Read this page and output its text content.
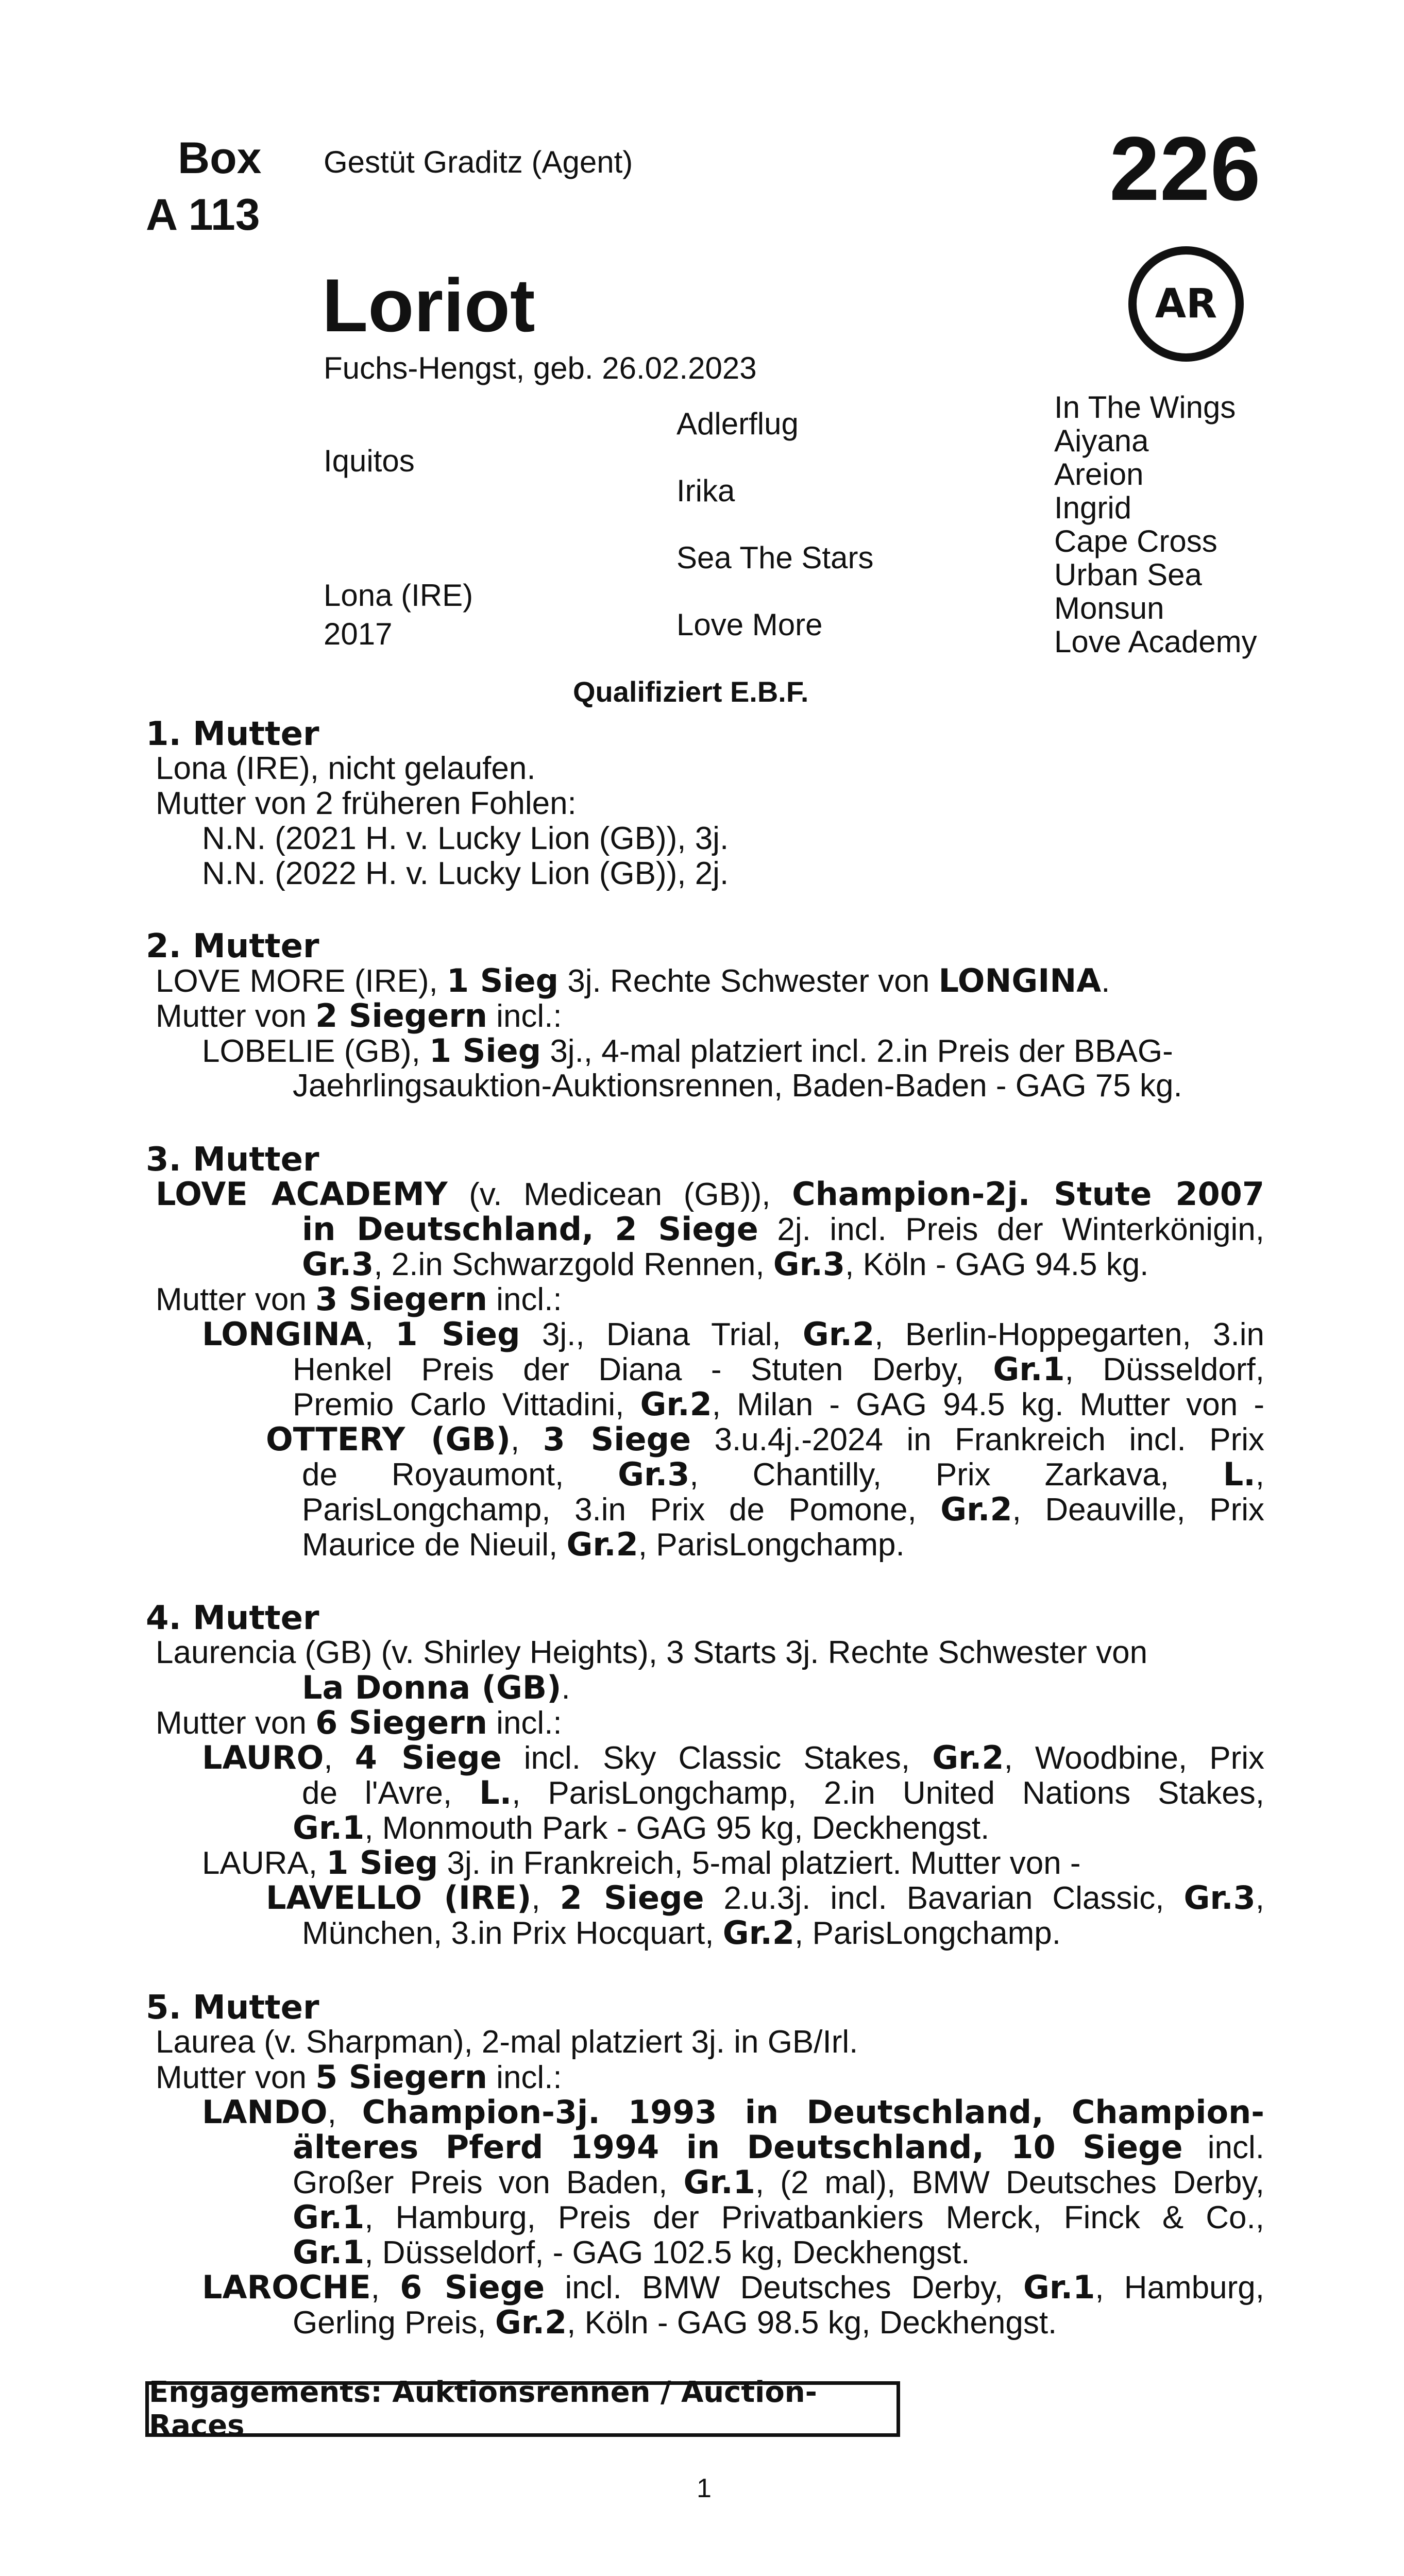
Box
A 113
Gestüt Graditz (Agent)	226
AR
Loriot
Fuchs-Hengst, geb. 26.02.2023
Iquitos
Lona (IRE)
2017
Adlerflug
Irika
Sea The Stars
Love More
In The Wings
Aiyana
Areion
Ingrid
Cape Cross
Urban Sea
Monsun
Love Academy
Qualifiziert E.B.F.
1. Mutter
Lona (IRE), nicht gelaufen.
Mutter von 2 früheren Fohlen:
N.N. (2021 H. v. Lucky Lion (GB)), 3j.
N.N. (2022 H. v. Lucky Lion (GB)), 2j.
2. Mutter
LOVE MORE (IRE), 1 Sieg 3j. Rechte Schwester von LONGINA.
Mutter von 2 Siegern incl.:
LOBELIE (GB), 1 Sieg 3j., 4-mal platziert incl. 2.in Preis der BBAG-
Jaehrlingsauktion-Auktionsrennen, Baden-Baden - GAG 75 kg.
3. Mutter
LOVE ACADEMY (v. Medicean (GB)), Champion-2j. Stute 2007
in Deutschland, 2 Siege 2j. incl. Preis der Winterkönigin,
Gr.3, 2.in Schwarzgold Rennen, Gr.3, Köln - GAG 94.5 kg.
Mutter von 3 Siegern incl.:
LONGINA, 1 Sieg 3j., Diana Trial, Gr.2, Berlin-Hoppegarten, 3.in
Henkel Preis der Diana - Stuten Derby, Gr.1, Düsseldorf,
Premio Carlo Vittadini, Gr.2, Milan - GAG 94.5 kg. Mutter von -
OTTERY (GB), 3 Siege 3.u.4j.-2024 in Frankreich incl. Prix
de Royaumont, Gr.3, Chantilly, Prix Zarkava, L.,
ParisLongchamp, 3.in Prix de Pomone, Gr.2, Deauville, Prix
Maurice de Nieuil, Gr.2, ParisLongchamp.
4. Mutter
Laurencia (GB) (v. Shirley Heights), 3 Starts 3j. Rechte Schwester von
La Donna (GB).
Mutter von 6 Siegern incl.:
LAURO, 4 Siege incl. Sky Classic Stakes, Gr.2, Woodbine, Prix
de l'Avre, L., ParisLongchamp, 2.in United Nations Stakes,
Gr.1, Monmouth Park - GAG 95 kg, Deckhengst.
LAURA, 1 Sieg 3j. in Frankreich, 5-mal platziert. Mutter von -
LAVELLO (IRE), 2 Siege 2.u.3j. incl. Bavarian Classic, Gr.3,
München, 3.in Prix Hocquart, Gr.2, ParisLongchamp.
5. Mutter
Laurea (v. Sharpman), 2-mal platziert 3j. in GB/Irl.
Mutter von 5 Siegern incl.:
LANDO, Champion-3j. 1993 in Deutschland, Champion-
älteres Pferd 1994 in Deutschland, 10 Siege incl.
Großer Preis von Baden, Gr.1, (2 mal), BMW Deutsches Derby,
Gr.1, Hamburg, Preis der Privatbankiers Merck, Finck & Co.,
Gr.1, Düsseldorf, - GAG 102.5 kg, Deckhengst.
LAROCHE, 6 Siege incl. BMW Deutsches Derby, Gr.1, Hamburg,
Gerling Preis, Gr.2, Köln - GAG 98.5 kg, Deckhengst.
Engagements: Auktionsrennen / Auction-Races
1
